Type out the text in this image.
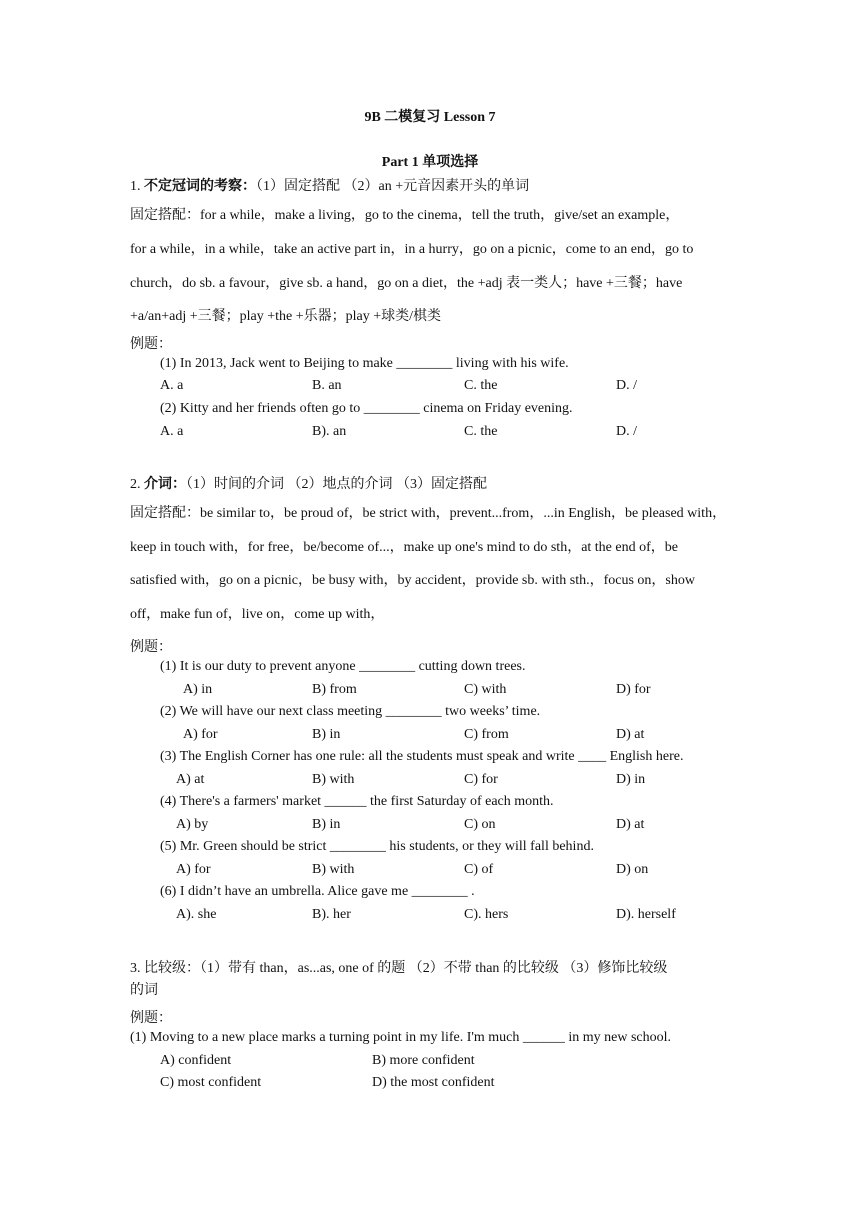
9B 二模复习 Lesson 7
Part 1 单项选择
1. 不定冠词的考察：（1）固定搭配 （2）an +元音因素开头的单词
固定搭配：for a while，make a living，go to the cinema，tell the truth，give/set an example，
for a while，in a while，take an active part in，in a hurry，go on a picnic，come to an end，go to
church，do sb. a favour，give sb. a hand，go on a diet，the +adj 表一类人；have +三餐；have
+a/an+adj +三餐；play +the +乐器；play +球类/棋类
例题：
(1) In 2013, Jack went to Beijing to make ________ living with his wife.
A. a	B. an	C. the	D. /
(2) Kitty and her friends often go to ________ cinema on Friday evening.
A. a	B). an	C. the	D. /
2. 介词：（1）时间的介词 （2）地点的介词 （3）固定搭配
固定搭配：be similar to，be proud of，be strict with，prevent...from，...in English，be pleased with，
keep in touch with，for free，be/become of...，make up one's mind to do sth，at the end of，be
satisfied with，go on a picnic，be busy with，by accident，provide sb. with sth.，focus on，show
off，make fun of，live on，come up with，
例题：
(1) It is our duty to prevent anyone ________ cutting down trees.
A) in	B) from	C) with	D) for
(2) We will have our next class meeting ________ two weeks’ time.
A) for	B) in	C) from	D) at
(3) The English Corner has one rule: all the students must speak and write ____ English here.
A) at	B) with	C) for	D) in
(4) There's a farmers' market ______ the first Saturday of each month.
A) by	B) in	C) on	D) at
(5) Mr. Green should be strict ________ his students, or they will fall behind.
A) for	B) with	C) of	D) on
(6) I didn’t have an umbrella. Alice gave me ________ .
A). she	B). her	C). hers	D). herself
3. 比较级：（1）带有 than，as...as, one of 的题 （2）不带 than 的比较级 （3）修饰比较级
的词
例题：
(1) Moving to a new place marks a turning point in my life. I'm much ______ in my new school.
A) confident	B) more confident
C) most confident	D) the most confident
